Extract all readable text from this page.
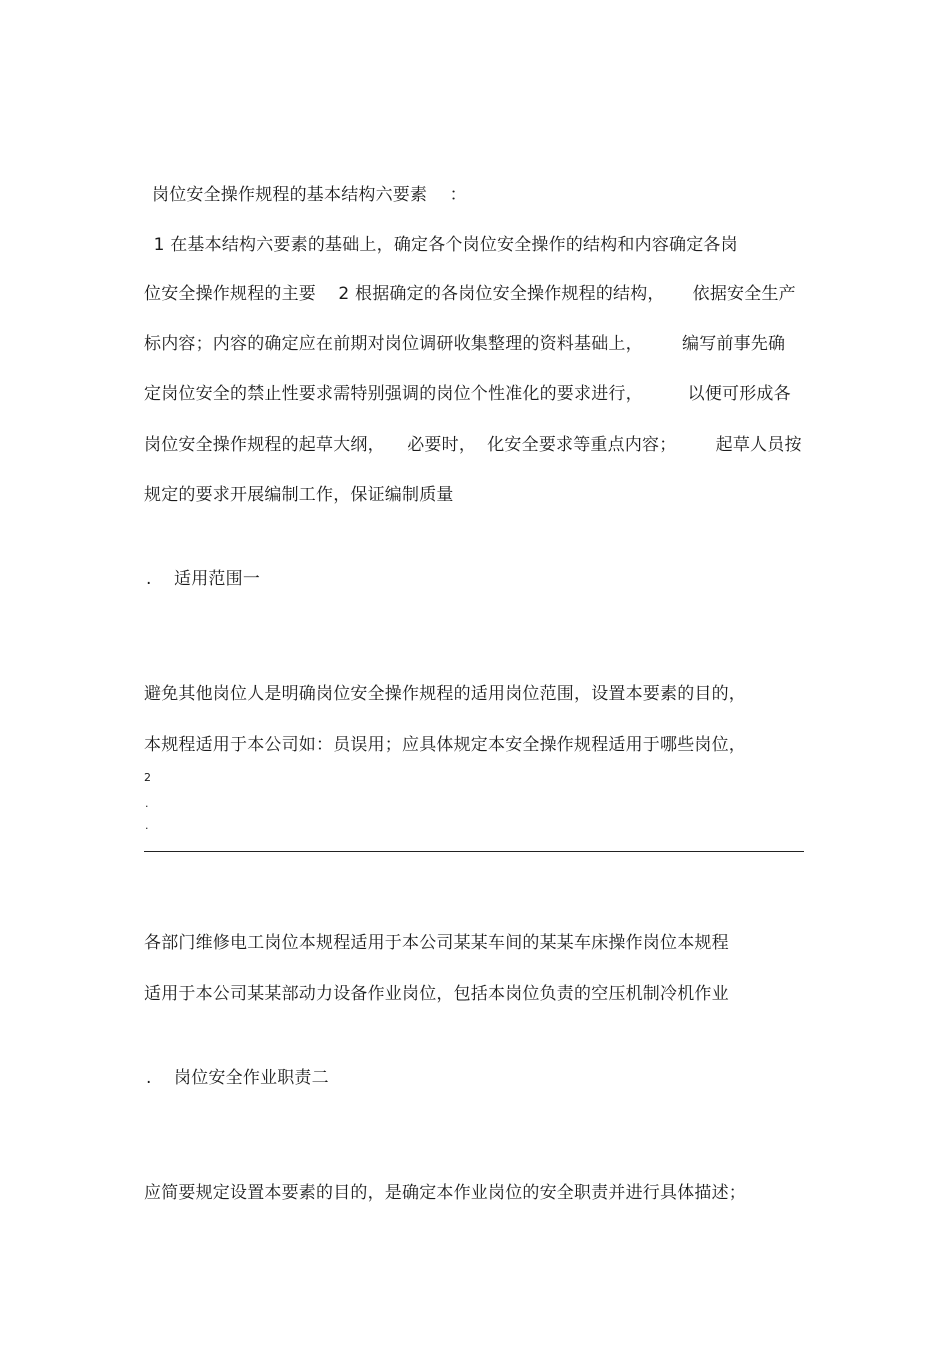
岗位安全操作规程的基本结构六要素    ：
1 在基本结构六要素的基础上，确定各个岗位安全操作的结构和内容确定各岗
位安全操作规程的主要    2 根据确定的各岗位安全操作规程的结构，     依据安全生产
标内容；内容的确定应在前期对岗位调研收集整理的资料基础上，       编写前事先确
定岗位安全的禁止性要求需特别强调的岗位个性准化的要求进行，        以便可形成各
岗位安全操作规程的起草大纲，    必要时，  化安全要求等重点内容；       起草人员按
规定的要求开展编制工作，保证编制质量
.    适用范围一
避免其他岗位人是明确岗位安全操作规程的适用岗位范围，设置本要素的目的，
本规程适用于本公司如：员误用；应具体规定本安全操作规程适用于哪些岗位，
2
.
.
各部门维修电工岗位本规程适用于本公司某某车间的某某车床操作岗位本规程
适用于本公司某某部动力设备作业岗位，包括本岗位负责的空压机制冷机作业
.    岗位安全作业职责二
应简要规定设置本要素的目的，是确定本作业岗位的安全职责并进行具体描述；
